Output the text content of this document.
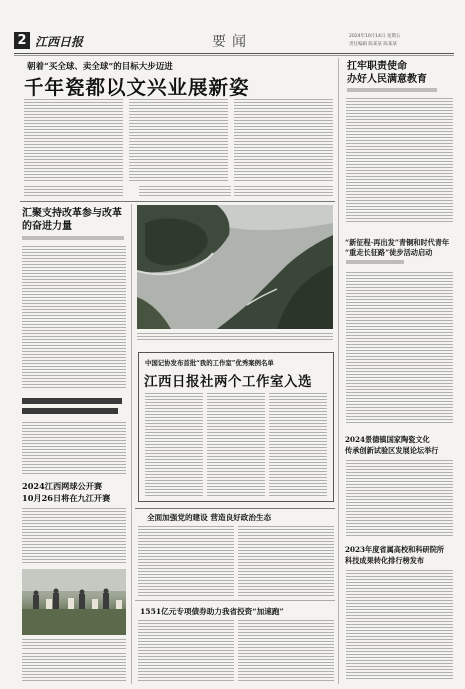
2 江西日报	要闻	2024年10月14日 星期五
责任编辑 陈某某 陈某某
朝着“买全球、卖全球”的目标大步迈进
千年瓷都以文兴业展新姿
扛牢职责使命
办好人民满意教育
“新征程·再出发”青铜和时代青年
“重走长征路”徒步活动启动
2024景德镇国家陶瓷文化
传承创新试验区发展论坛举行
2023年度省属高校和科研院所
科技成果转化排行榜发布
汇聚支持改革参与改革
的奋进力量
2024江西网球公开赛
10月26日将在九江开赛
中国记协发布首批“我的工作室”优秀案例名单
江西日报社两个工作室入选
全面加强党的建设 营造良好政治生态
1551亿元专项债券助力我省投资“加速跑”
